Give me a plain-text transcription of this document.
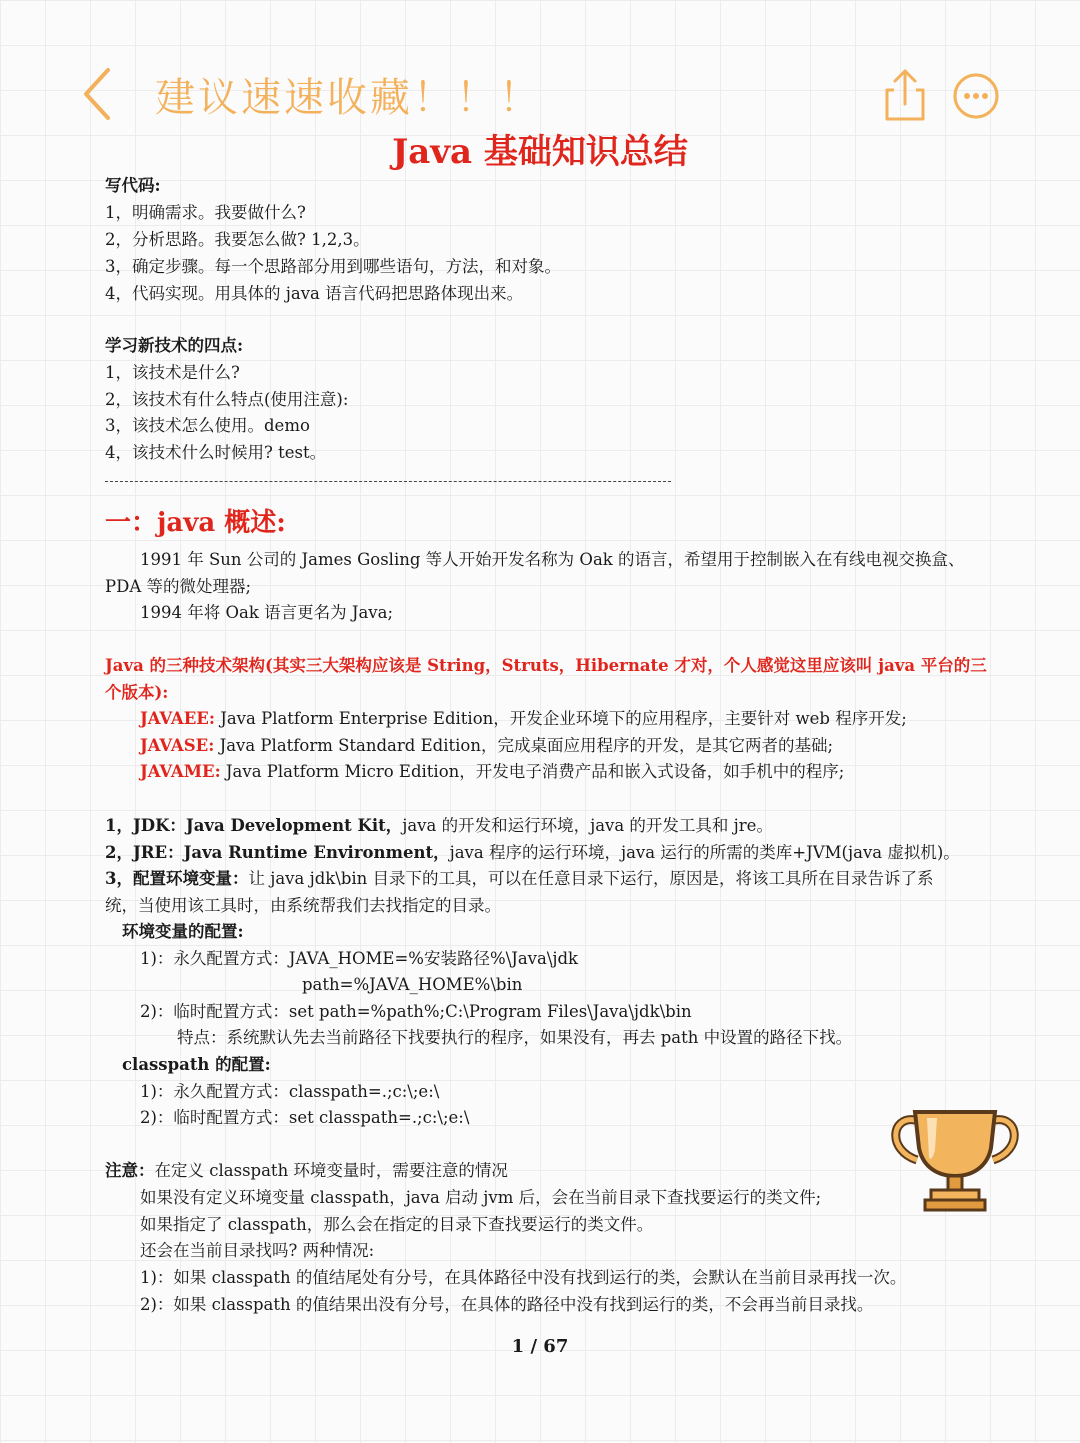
建议速速收藏！！！
Java 基础知识总结
写代码:
1，明确需求。我要做什么?
2，分析思路。我要怎么做? 1,2,3。
3，确定步骤。每一个思路部分用到哪些语句，方法，和对象。
4，代码实现。用具体的 java 语言代码把思路体现出来。
学习新技术的四点:
1，该技术是什么?
2，该技术有什么特点(使用注意):
3，该技术怎么使用。demo
4，该技术什么时候用? test。
一：java 概述:
1991 年 Sun 公司的 James Gosling 等人开始开发名称为 Oak 的语言，希望用于控制嵌入在有线电视交换盒、
PDA 等的微处理器;
1994 年将 Oak 语言更名为 Java;
Java 的三种技术架构(其实三大架构应该是 String，Struts，Hibernate 才对，个人感觉这里应该叫 java 平台的三
个版本):
JAVAEE: Java Platform Enterprise Edition，开发企业环境下的应用程序，主要针对 web 程序开发;
JAVASE: Java Platform Standard Edition，完成桌面应用程序的开发，是其它两者的基础;
JAVAME: Java Platform Micro Edition，开发电子消费产品和嵌入式设备，如手机中的程序;
1，JDK：Java Development Kit，java 的开发和运行环境，java 的开发工具和 jre。
2，JRE：Java Runtime Environment，java 程序的运行环境，java 运行的所需的类库+JVM(java 虚拟机)。
3，配置环境变量：让 java jdk\bin 目录下的工具，可以在任意目录下运行，原因是，将该工具所在目录告诉了系
统，当使用该工具时，由系统帮我们去找指定的目录。
环境变量的配置:
1)：永久配置方式：JAVA_HOME=%安装路径%\Java\jdk
path=%JAVA_HOME%\bin
2)：临时配置方式：set path=%path%;C:\Program Files\Java\jdk\bin
特点：系统默认先去当前路径下找要执行的程序，如果没有，再去 path 中设置的路径下找。
classpath 的配置:
1)：永久配置方式：classpath=.;c:\;e:\
2)：临时配置方式：set classpath=.;c:\;e:\
注意：在定义 classpath 环境变量时，需要注意的情况
如果没有定义环境变量 classpath，java 启动 jvm 后，会在当前目录下查找要运行的类文件;
如果指定了 classpath，那么会在指定的目录下查找要运行的类文件。
还会在当前目录找吗? 两种情况:
1)：如果 classpath 的值结尾处有分号，在具体路径中没有找到运行的类，会默认在当前目录再找一次。
2)：如果 classpath 的值结果出没有分号，在具体的路径中没有找到运行的类，不会再当前目录找。
1 / 67
